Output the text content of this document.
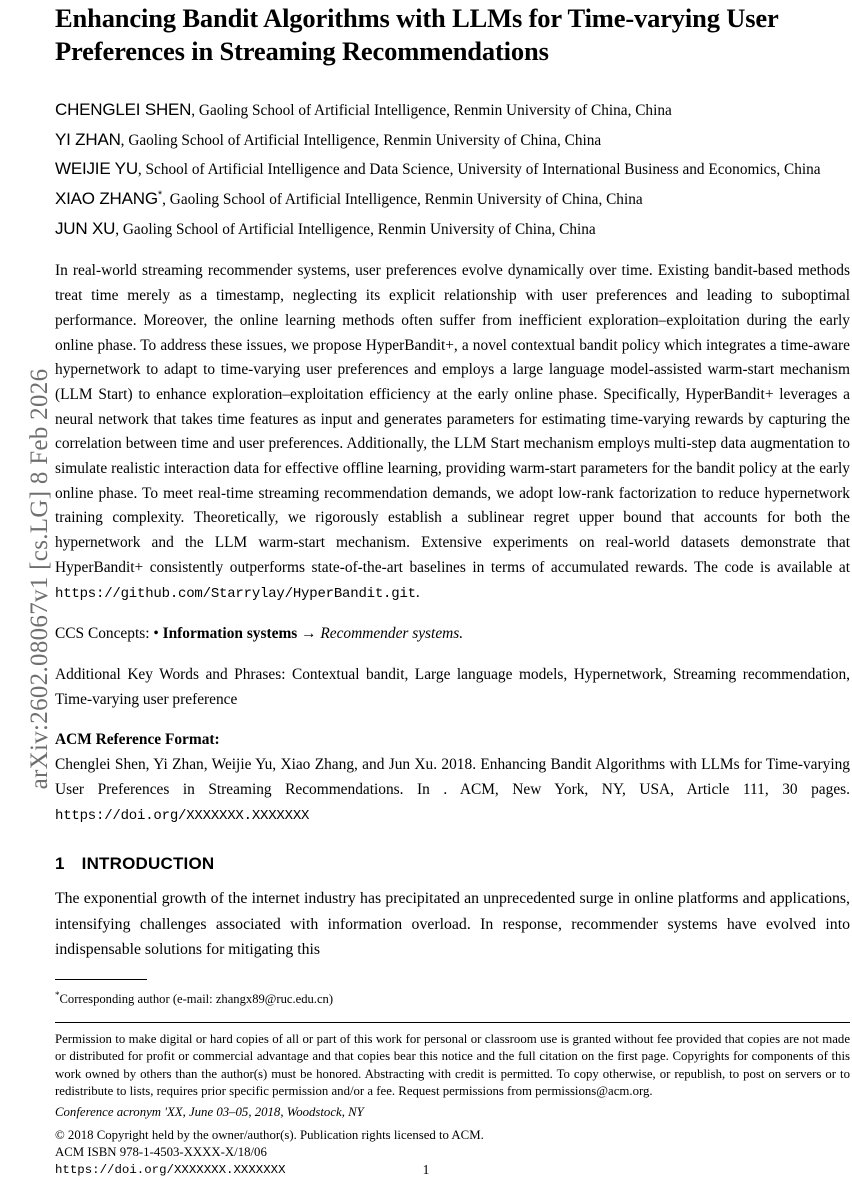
arXiv:2602.08067v1 [cs.LG] 8 Feb 2026
Enhancing Bandit Algorithms with LLMs for Time-varying User Preferences in Streaming Recommendations
CHENGLEI SHEN, Gaoling School of Artificial Intelligence, Renmin University of China, China
YI ZHAN, Gaoling School of Artificial Intelligence, Renmin University of China, China
WEIJIE YU, School of Artificial Intelligence and Data Science, University of International Business and Economics, China
XIAO ZHANG*, Gaoling School of Artificial Intelligence, Renmin University of China, China
JUN XU, Gaoling School of Artificial Intelligence, Renmin University of China, China
In real-world streaming recommender systems, user preferences evolve dynamically over time. Existing bandit-based methods treat time merely as a timestamp, neglecting its explicit relationship with user preferences and leading to suboptimal performance. Moreover, the online learning methods often suffer from inefficient exploration–exploitation during the early online phase. To address these issues, we propose HyperBandit+, a novel contextual bandit policy which integrates a time-aware hypernetwork to adapt to time-varying user preferences and employs a large language model-assisted warm-start mechanism (LLM Start) to enhance exploration–exploitation efficiency at the early online phase. Specifically, HyperBandit+ leverages a neural network that takes time features as input and generates parameters for estimating time-varying rewards by capturing the correlation between time and user preferences. Additionally, the LLM Start mechanism employs multi-step data augmentation to simulate realistic interaction data for effective offline learning, providing warm-start parameters for the bandit policy at the early online phase. To meet real-time streaming recommendation demands, we adopt low-rank factorization to reduce hypernetwork training complexity. Theoretically, we rigorously establish a sublinear regret upper bound that accounts for both the hypernetwork and the LLM warm-start mechanism. Extensive experiments on real-world datasets demonstrate that HyperBandit+ consistently outperforms state-of-the-art baselines in terms of accumulated rewards. The code is available at https://github.com/Starrylay/HyperBandit.git.
CCS Concepts: • Information systems → Recommender systems.
Additional Key Words and Phrases: Contextual bandit, Large language models, Hypernetwork, Streaming recommendation, Time-varying user preference
ACM Reference Format:
Chenglei Shen, Yi Zhan, Weijie Yu, Xiao Zhang, and Jun Xu. 2018. Enhancing Bandit Algorithms with LLMs for Time-varying User Preferences in Streaming Recommendations. In . ACM, New York, NY, USA, Article 111, 30 pages. https://doi.org/XXXXXXX.XXXXXXX
1 INTRODUCTION
The exponential growth of the internet industry has precipitated an unprecedented surge in online platforms and applications, intensifying challenges associated with information overload. In response, recommender systems have evolved into indispensable solutions for mitigating this
*Corresponding author (e-mail: zhangx89@ruc.edu.cn)
Permission to make digital or hard copies of all or part of this work for personal or classroom use is granted without fee provided that copies are not made or distributed for profit or commercial advantage and that copies bear this notice and the full citation on the first page. Copyrights for components of this work owned by others than the author(s) must be honored. Abstracting with credit is permitted. To copy otherwise, or republish, to post on servers or to redistribute to lists, requires prior specific permission and/or a fee. Request permissions from permissions@acm.org.
Conference acronym 'XX, June 03–05, 2018, Woodstock, NY
© 2018 Copyright held by the owner/author(s). Publication rights licensed to ACM.
ACM ISBN 978-1-4503-XXXX-X/18/06
https://doi.org/XXXXXXX.XXXXXXX	1
